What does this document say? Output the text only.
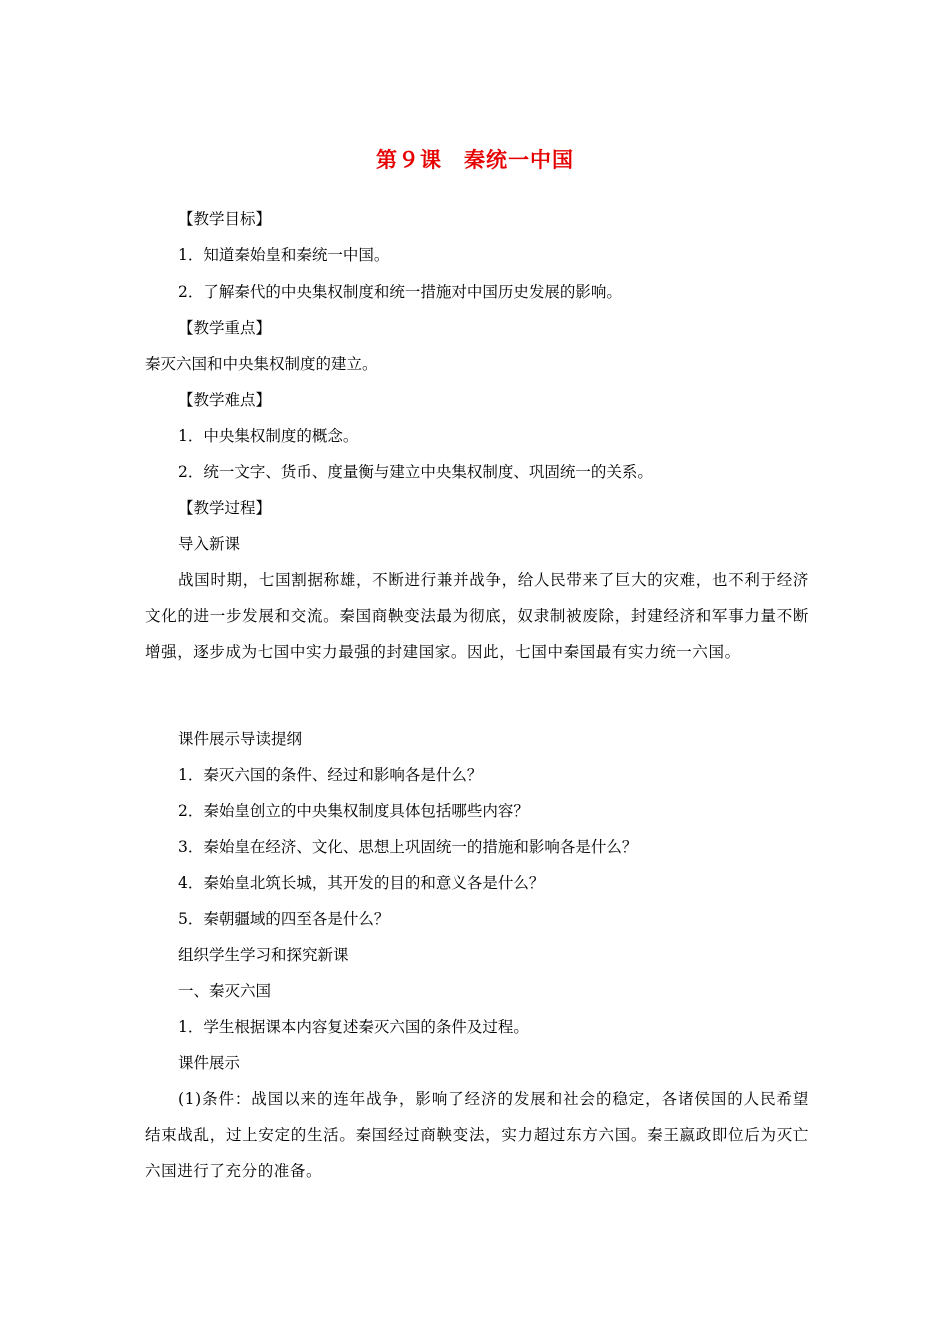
第９课　秦统一中国
【教学目标】
1．知道秦始皇和秦统一中国。
2．了解秦代的中央集权制度和统一措施对中国历史发展的影响。
【教学重点】
秦灭六国和中央集权制度的建立。
【教学难点】
1．中央集权制度的概念。
2．统一文字、货币、度量衡与建立中央集权制度、巩固统一的关系。
【教学过程】
导入新课
战国时期，七国割据称雄，不断进行兼并战争，给人民带来了巨大的灾难，也不利于经济文化的进一步发展和交流。秦国商鞅变法最为彻底，奴隶制被废除，封建经济和军事力量不断增强，逐步成为七国中实力最强的封建国家。因此，七国中秦国最有实力统一六国。
课件展示导读提纲
1．秦灭六国的条件、经过和影响各是什么？
2．秦始皇创立的中央集权制度具体包括哪些内容？
3．秦始皇在经济、文化、思想上巩固统一的措施和影响各是什么？
4．秦始皇北筑长城，其开发的目的和意义各是什么？
5．秦朝疆域的四至各是什么？
组织学生学习和探究新课
一、秦灭六国
1．学生根据课本内容复述秦灭六国的条件及过程。
课件展示
(1)条件：战国以来的连年战争，影响了经济的发展和社会的稳定，各诸侯国的人民希望结束战乱，过上安定的生活。秦国经过商鞅变法，实力超过东方六国。秦王嬴政即位后为灭亡六国进行了充分的准备。
